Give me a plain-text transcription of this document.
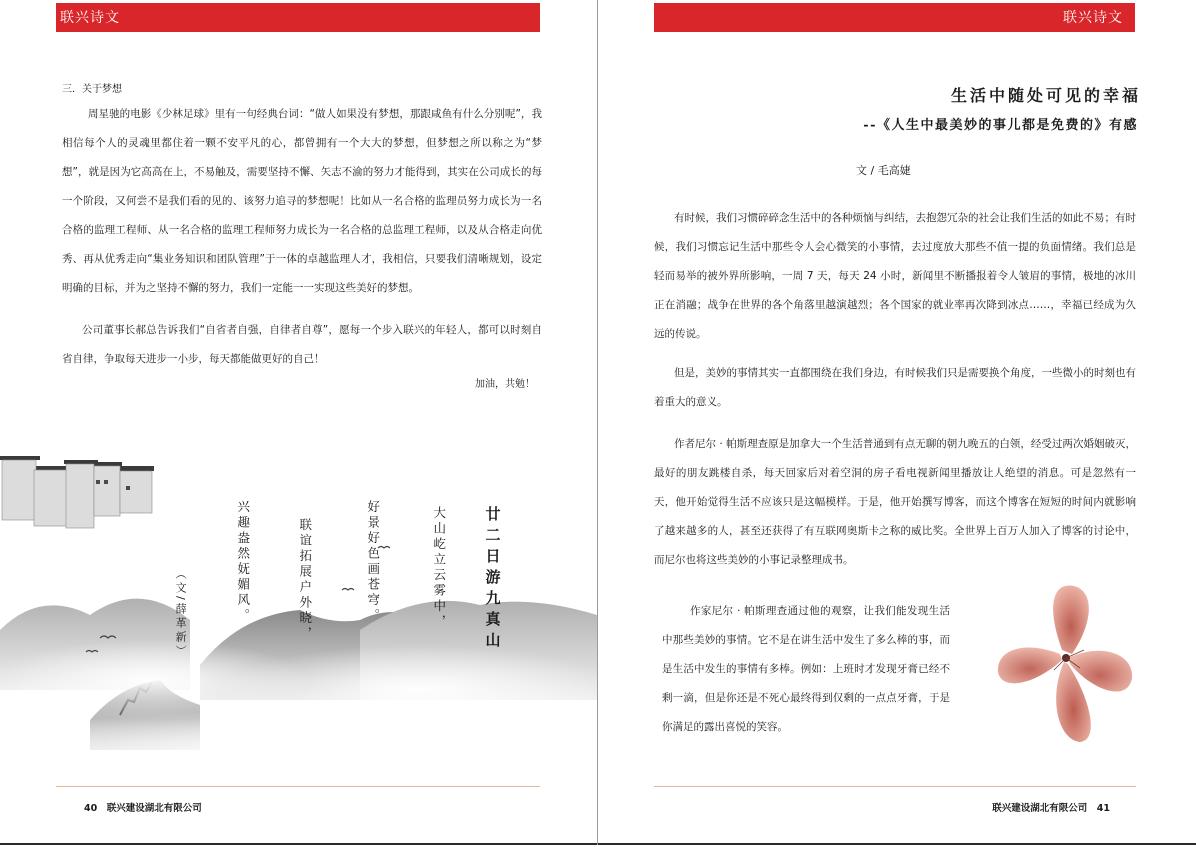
联兴诗文
三．关于梦想

周星驰的电影《少林足球》里有一句经典台词：“做人如果没有梦想，那跟咸鱼有什么分别呢”，我相信每个人的灵魂里都住着一颗不安平凡的心，都曾拥有一个大大的梦想，但梦想之所以称之为“梦想”，就是因为它高高在上，不易触及，需要坚持不懈、矢志不渝的努力才能得到，其实在公司成长的每一个阶段，又何尝不是我们看的见的、该努力追寻的梦想呢！比如从一名合格的监理员努力成长为一名合格的监理工程师、从一名合格的监理工程师努力成长为一名合格的总监理工程师，以及从合格走向优秀、再从优秀走向“集业务知识和团队管理”于一体的卓越监理人才，我相信，只要我们清晰规划，设定明确的目标，并为之坚持不懈的努力，我们一定能一一实现这些美好的梦想。

公司董事长郝总告诉我们“自省者自强，自律者自尊”，愿每一个步入联兴的年轻人，都可以时刻自省自律，争取每天进步一小步，每天都能做更好的自己！

加油，共勉！
廿二日游九真山
大山屹立云雾中，
好景好色画苍穹。
联谊拓展户外晓，
兴趣盎然妩媚风。
（文/薛革新）
40　联兴建设湖北有限公司
联兴诗文
生活中随处可见的幸福
--《人生中最美妙的事儿都是免费的》有感
文 / 毛高婕

有时候，我们习惯碎碎念生活中的各种烦恼与纠结，去抱怨冗杂的社会让我们生活的如此不易；有时候，我们习惯忘记生活中那些令人会心微笑的小事情，去过度放大那些不值一提的负面情绪。我们总是轻而易举的被外界所影响，一周 7 天，每天 24 小时，新闻里不断播报着令人皱眉的事情，极地的冰川正在消融；战争在世界的各个角落里越演越烈；各个国家的就业率再次降到冰点……，幸福已经成为久远的传说。

但是，美妙的事情其实一直都围绕在我们身边，有时候我们只是需要换个角度，一些微小的时刻也有着重大的意义。

作者尼尔 · 帕斯理查原是加拿大一个生活普通到有点无聊的朝九晚五的白领，经受过两次婚姻破灭，最好的朋友跳楼自杀，每天回家后对着空洞的房子看电视新闻里播放让人绝望的消息。可是忽然有一天，他开始觉得生活不应该只是这幅模样。于是，他开始撰写博客，而这个博客在短短的时间内就影响了越来越多的人，甚至还获得了有互联网奥斯卡之称的威比奖。全世界上百万人加入了博客的讨论中，而尼尔也将这些美妙的小事记录整理成书。

作家尼尔 · 帕斯理查通过他的观察，让我们能发现生活中那些美妙的事情。它不是在讲生活中发生了多么棒的事，而是生活中发生的事情有多棒。例如：上班时才发现牙膏已经不剩一滴，但是你还是不死心最终得到仅剩的一点点牙膏，于是你满足的露出喜悦的笑容。

联兴建设湖北有限公司　41
